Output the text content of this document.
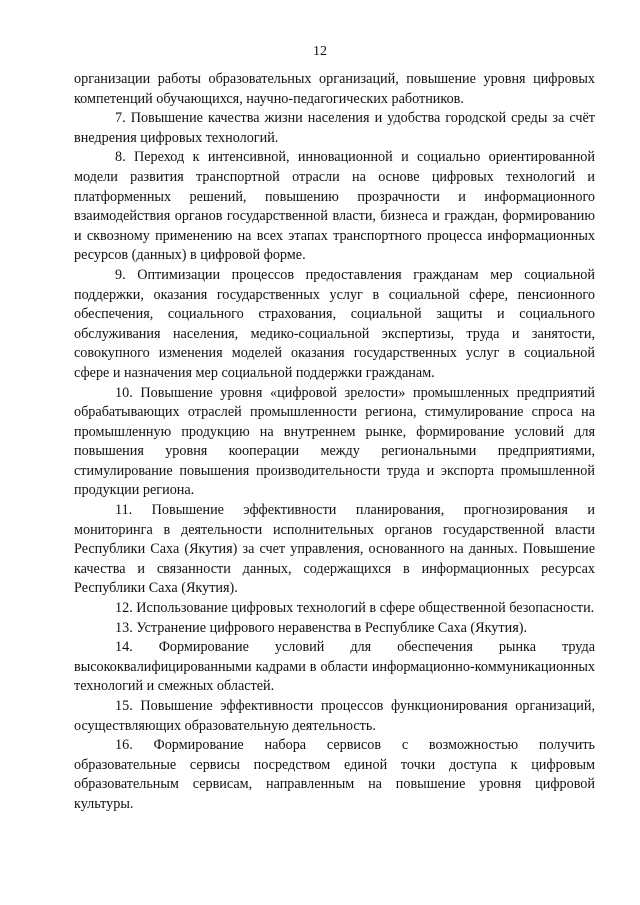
12

организации работы образовательных организаций, повышение уровня цифровых компетенций обучающихся, научно-педагогических работников.

7. Повышение качества жизни населения и удобства городской среды за счёт внедрения цифровых технологий.

8. Переход к интенсивной, инновационной и социально ориентированной модели развития транспортной отрасли на основе цифровых технологий и платформенных решений, повышению прозрачности и информационного взаимодействия органов государственной власти, бизнеса и граждан, формированию и сквозному применению на всех этапах транспортного процесса информационных ресурсов (данных) в цифровой форме.

9. Оптимизации процессов предоставления гражданам мер социальной поддержки, оказания государственных услуг в социальной сфере, пенсионного обеспечения, социального страхования, социальной защиты и социального обслуживания населения, медико-социальной экспертизы, труда и занятости, совокупного изменения моделей оказания государственных услуг в социальной сфере и назначения мер социальной поддержки гражданам.

10. Повышение уровня «цифровой зрелости» промышленных предприятий обрабатывающих отраслей промышленности региона, стимулирование спроса на промышленную продукцию на внутреннем рынке, формирование условий для повышения уровня кооперации между региональными предприятиями, стимулирование повышения производительности труда и экспорта промышленной продукции региона.

11. Повышение эффективности планирования, прогнозирования и мониторинга в деятельности исполнительных органов государственной власти Республики Саха (Якутия) за счет управления, основанного на данных. Повышение качества и связанности данных, содержащихся в информационных ресурсах Республики Саха (Якутия).

12. Использование цифровых технологий в сфере общественной безопасности.

13. Устранение цифрового неравенства в Республике Саха (Якутия).

14. Формирование условий для обеспечения рынка труда высококвалифицированными кадрами в области информационно-коммуникационных технологий и смежных областей.

15. Повышение эффективности процессов функционирования организаций, осуществляющих образовательную деятельность.

16. Формирование набора сервисов с возможностью получить образовательные сервисы посредством единой точки доступа к цифровым образовательным сервисам, направленным на повышение уровня цифровой культуры.
